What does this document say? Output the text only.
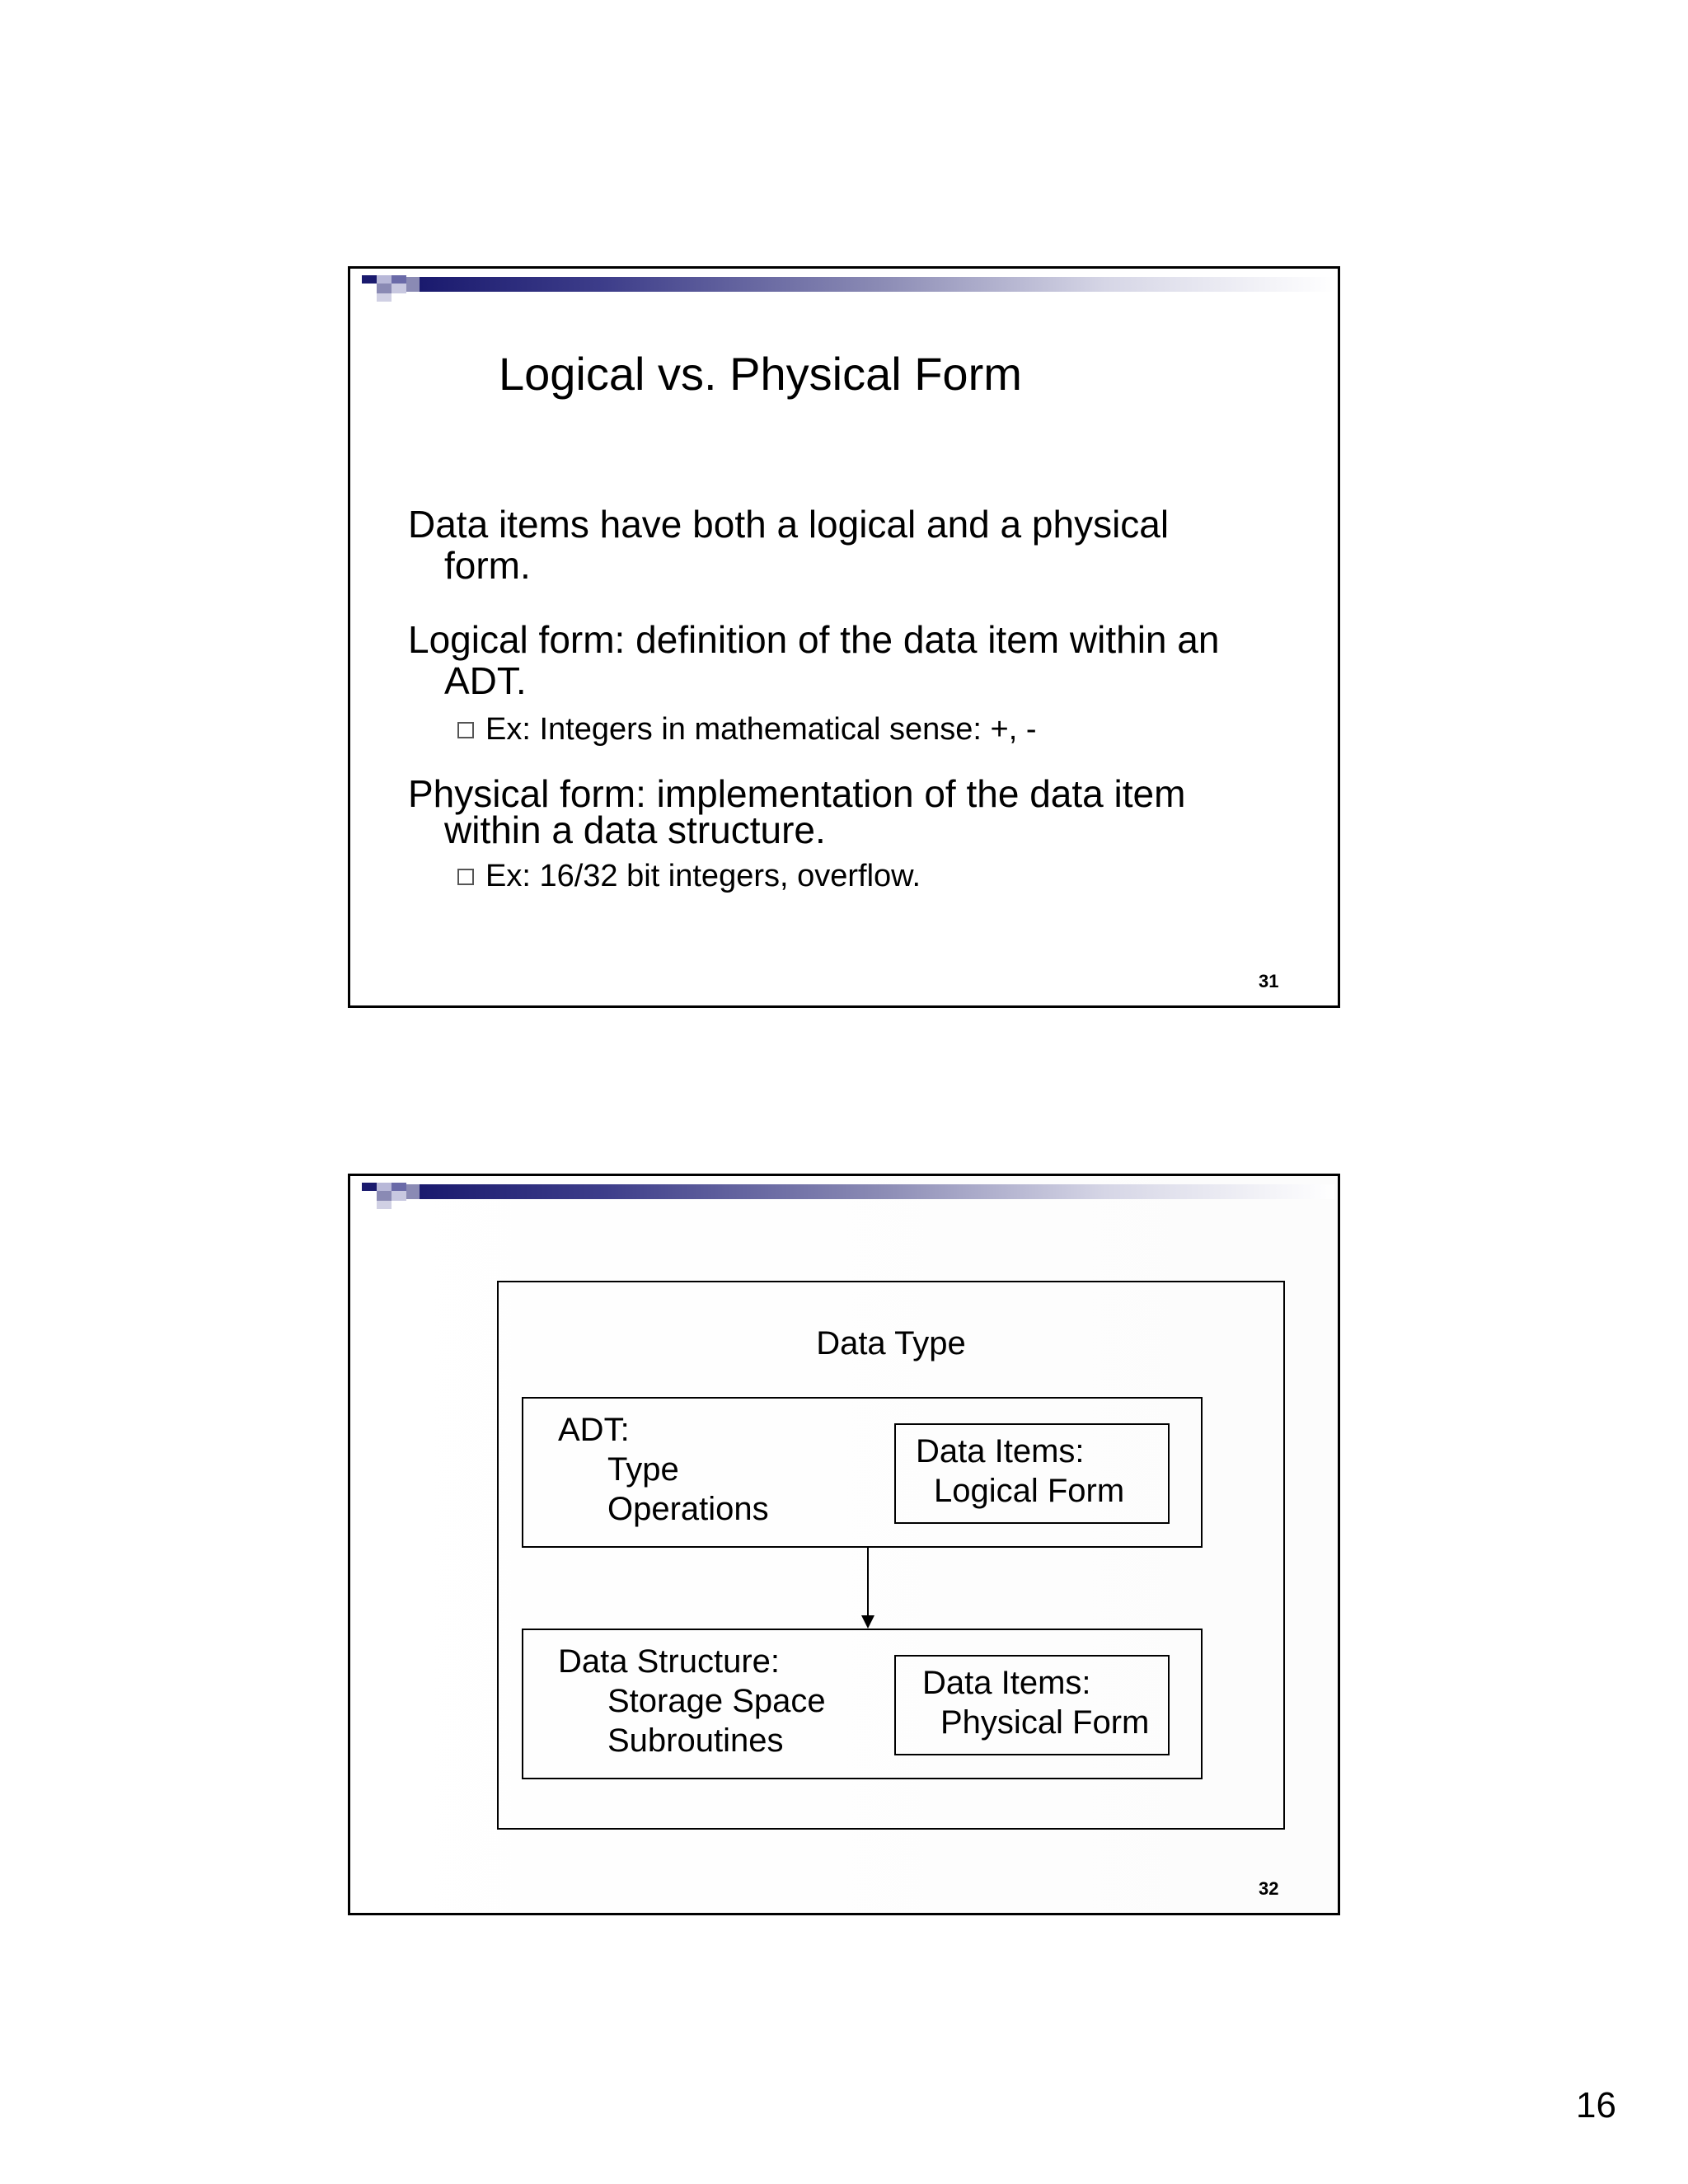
Logical vs. Physical Form
Data items have both a logical and a physical
form.
Logical form: definition of the data item within an
ADT.
Ex: Integers in mathematical sense: +, -
Physical form: implementation of the data item
within a data structure.
Ex: 16/32 bit integers, overflow.
31
Data Type
ADT:
Type
Operations
Data Items:
Logical Form
Data Structure:
Storage Space
Subroutines
Data Items:
Physical Form
32
16
